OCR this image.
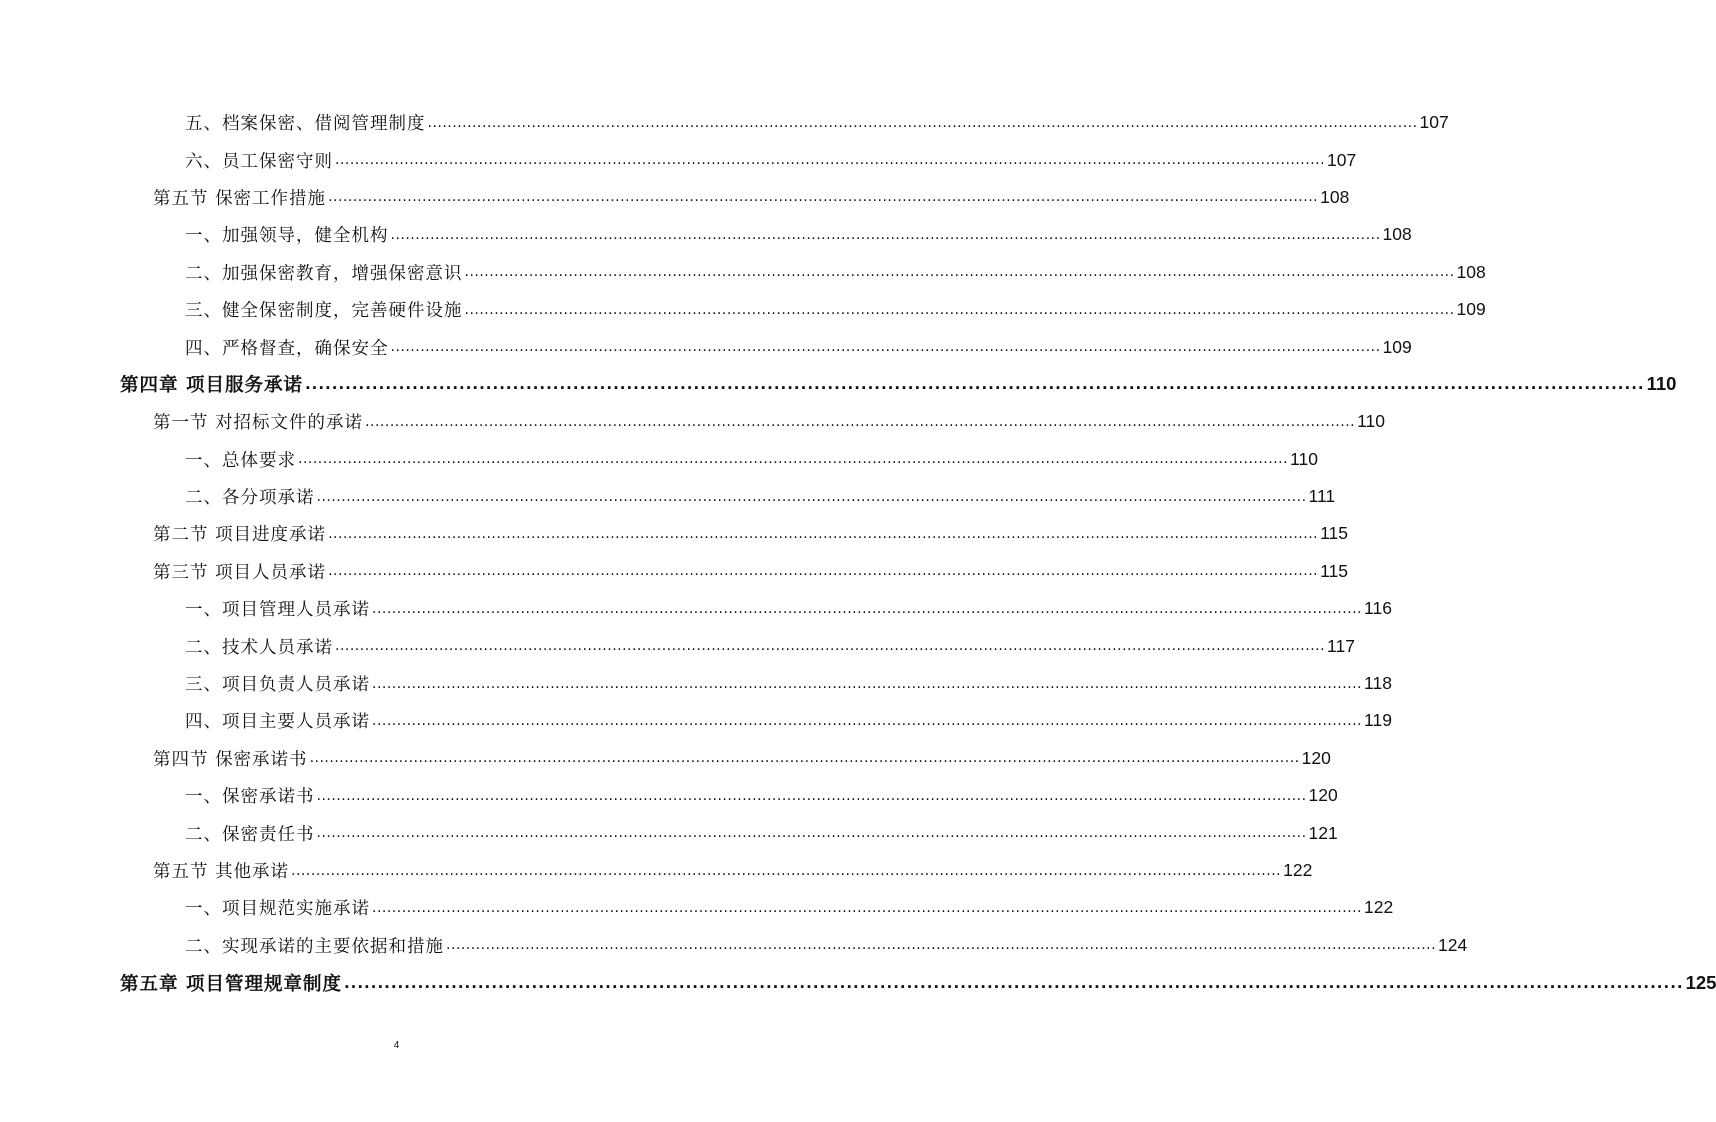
五、档案保密、借阅管理制度 ........................................................................................................................................................................................................ 107
六、员工保密守则 ........................................................................................................................................................................................................ 107
第五节 保密工作措施 ........................................................................................................................................................................................................ 108
一、加强领导，健全机构 ........................................................................................................................................................................................................ 108
二、加强保密教育，增强保密意识 ........................................................................................................................................................................................................ 108
三、健全保密制度，完善硬件设施 ........................................................................................................................................................................................................ 109
四、严格督查，确保安全 ........................................................................................................................................................................................................ 109
第四章 项目服务承诺 ........................................................................................................................................................................................................ 110
第一节 对招标文件的承诺 ........................................................................................................................................................................................................ 110
一、总体要求 ........................................................................................................................................................................................................ 110
二、各分项承诺 ........................................................................................................................................................................................................ 111
第二节 项目进度承诺 ........................................................................................................................................................................................................ 115
第三节 项目人员承诺 ........................................................................................................................................................................................................ 115
一、项目管理人员承诺 ........................................................................................................................................................................................................ 116
二、技术人员承诺 ........................................................................................................................................................................................................ 117
三、项目负责人员承诺 ........................................................................................................................................................................................................ 118
四、项目主要人员承诺 ........................................................................................................................................................................................................ 119
第四节 保密承诺书 ........................................................................................................................................................................................................ 120
一、保密承诺书 ........................................................................................................................................................................................................ 120
二、保密责任书 ........................................................................................................................................................................................................ 121
第五节 其他承诺 ........................................................................................................................................................................................................ 122
一、项目规范实施承诺 ........................................................................................................................................................................................................ 122
二、实现承诺的主要依据和措施 ........................................................................................................................................................................................................ 124
第五章 项目管理规章制度 ........................................................................................................................................................................................................ 125
4
